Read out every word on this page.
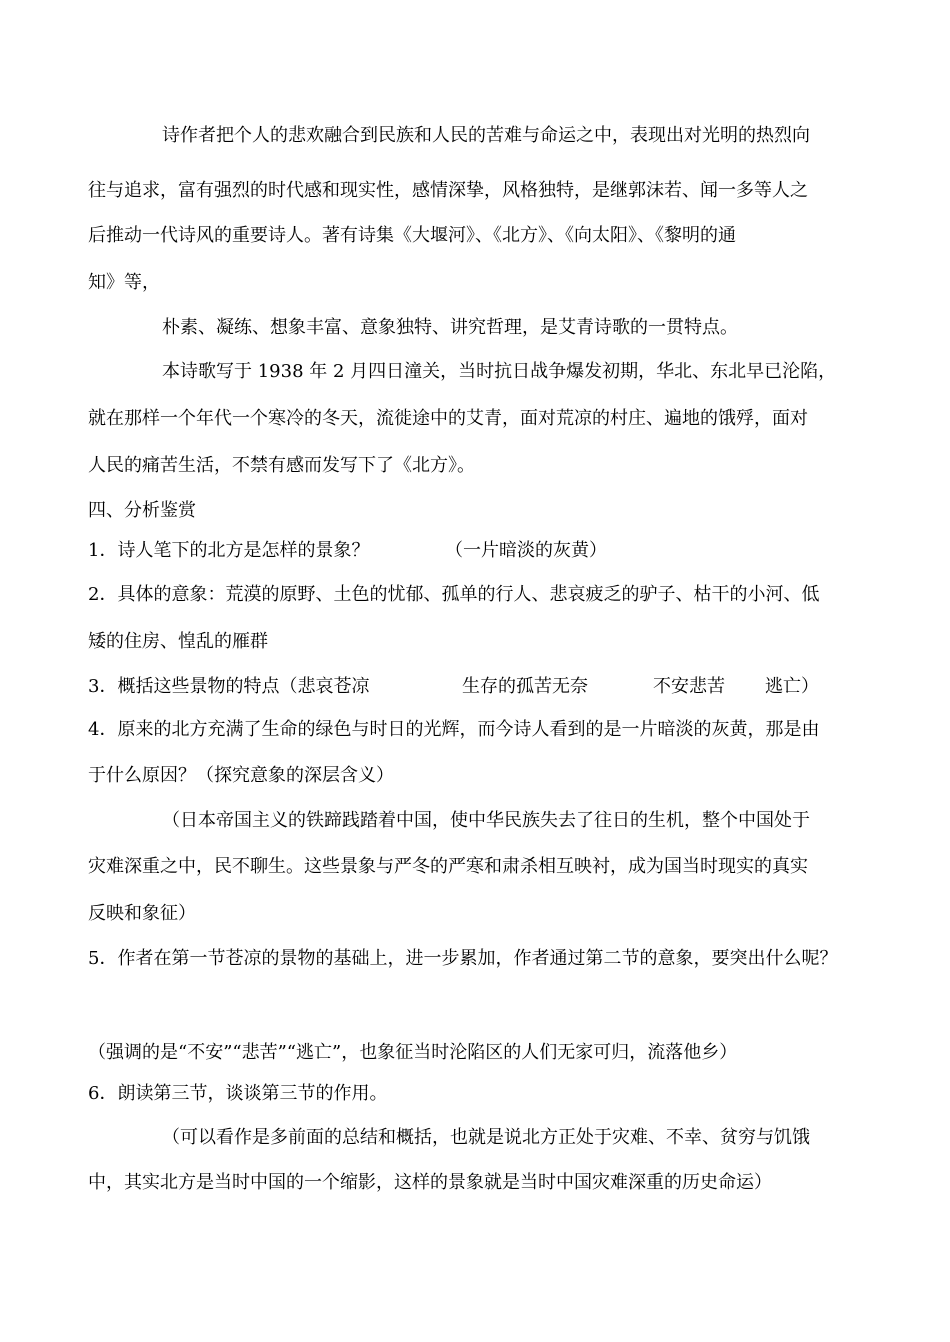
诗作者把个人的悲欢融合到民族和人民的苦难与命运之中，表现出对光明的热烈向

往与追求，富有强烈的时代感和现实性，感情深挚，风格独特，是继郭沫若、闻一多等人之

后推动一代诗风的重要诗人。著有诗集《大堰河》、《北方》、《向太阳》、《黎明的通

知》等，

朴素、凝练、想象丰富、意象独特、讲究哲理，是艾青诗歌的一贯特点。

本诗歌写于 1938 年 2 月四日潼关，当时抗日战争爆发初期，华北、东北早已沦陷，

就在那样一个年代一个寒冷的冬天，流徙途中的艾青，面对荒凉的村庄、遍地的饿殍，面对

人民的痛苦生活，不禁有感而发写下了《北方》。

四、分析鉴赏

1．诗人笔下的北方是怎样的景象？	（一片暗淡的灰黄）

2．具体的意象：荒漠的原野、土色的忧郁、孤单的行人、悲哀疲乏的驴子、枯干的小河、低

矮的住房、惶乱的雁群

3．概括这些景物的特点（悲哀苍凉	生存的孤苦无奈	不安悲苦 逃亡）

4．原来的北方充满了生命的绿色与时日的光辉，而今诗人看到的是一片暗淡的灰黄，那是由

于什么原因？（探究意象的深层含义）

（日本帝国主义的铁蹄践踏着中国，使中华民族失去了往日的生机，整个中国处于

灾难深重之中，民不聊生。这些景象与严冬的严寒和肃杀相互映衬，成为国当时现实的真实

反映和象征）

5．作者在第一节苍凉的景物的基础上，进一步累加，作者通过第二节的意象，要突出什么呢？

（强调的是“不安”“悲苦”“逃亡”，也象征当时沦陷区的人们无家可归，流落他乡）

6．朗读第三节，谈谈第三节的作用。

（可以看作是多前面的总结和概括，也就是说北方正处于灾难、不幸、贫穷与饥饿

中，其实北方是当时中国的一个缩影，这样的景象就是当时中国灾难深重的历史命运）
